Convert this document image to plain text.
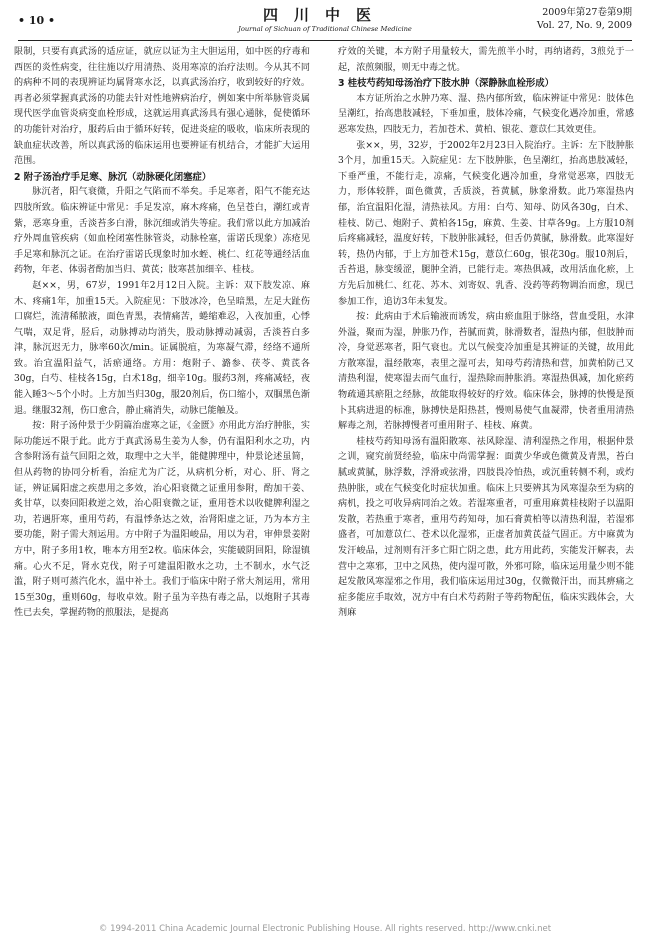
• 10 •	四川中医
Journal of Sichuan of Traditional Chinese Medicine
2009年第27卷第9期
Vol. 27, No. 9, 2009

限制，只要有真武汤的适应证，就应以证为主大胆运用，如中医的疗毒和西医的炎性病变，往往施以疗用清热、炎用寒凉的治疗法则。今从其不同的病种不同的表现辨证均属肾寒水泛，以真武汤治疗，收到较好的疗效。再者必须掌握真武汤的功能去针对性地辨病治疗，例如案中所举脉管炎属现代医学血管炎病变血栓形成，这就运用真武汤具有强心通脉，促使循环的功能针对治疗，服药后由于循环好转，促进炎症的吸收，临床所表现的缺血症状改善，所以真武汤的临床运用也要辨证有机结合，才能扩大运用范围。

2 附子汤治疗手足寒、脉沉（动脉硬化闭塞症）

脉沉者，阳气衰微，升阳之气陷而不举矣。手足寒者，阳气不能充达四肢所致。临床辨证中常见：手足发凉，麻木疼痛，色呈苍白，潮红或青紫，恶寒身重，舌淡苔多白滑，脉沉细或消失等症。我们常以此方加减治疗外周血管疾病（如血栓闭塞性脉管炎，动脉栓塞，雷诺氏现象）冻疮见手足寒和脉沉之证。在治疗雷诺氏现象时加水蛭、桃仁、红花等通经活血药物，年老、体弱者酌加当归、黄芪；肢寒甚加细辛、桂枝。

赵××，男，67岁，1991年2月12日入院。主诉：双下肢发凉、麻木、疼痛1年，加重15天。入院症见：下肢冰冷，色呈暗黑，左足大趾伤口腐烂，流清稀脓液，面色青黑，表情痛苦，蜷缩难忍，入夜加重，心悸气喘，双足背，胫后，动脉搏动均消失，股动脉搏动减弱，舌淡苔白多津，脉沉迟无力，脉率60次/min。证属脱疽，为寒凝气滞，经络不通所致。治宜温阳益气，活瘀通络。方用：炮附子、潞参、茯苓、黄芪各30g，白芍、桂枝各15g，白术18g，细辛10g。服药3剂，疼痛减轻，夜能入睡3～5个小时。上方加当归30g，服20剂后，伤口缩小，双腘黑色渐退。继服32剂，伤口愈合，静止痛消失，动脉已能触及。

按：附子汤仲景于少阴篇治虚寒之证，《金匮》亦用此方治疗肿胀，实际功能远不限于此。此方于真武汤易生姜为人参，仍有温阳利水之功，内含参附汤有益气回阳之效，取理中之大半，能健脾理中，仲景论述虽简，但从药物的协同分析看，治症尤为广泛，从病机分析，对心、肝、肾之证，辨证属阳虚之疾患用之多效，治心阳衰微之证重用参附，酌加干姜、炙甘草，以奏回阳救逆之效，治心阳衰微之证，重用苍术以收健脾利湿之功，若遇肝寒，重用芍药，有温悸条达之效，治肾阳虚之证，乃为本方主要功能，附子需大剂运用。方中附子为温阳峻品，用以为君，审伸景姜附方中，附子多用1枚，唯本方用至2枚。临床体会，实能破阴回阳，除湿镇痛。心火不足，肾水克伐，附子可建温阳散水之功，土不制水，水气泛滥，附子则可蒸汽化水，温中补土。我们于临床中附子常大剂运用，常用15至30g，重则60g，每收卓效。附子虽为辛热有毒之品，以炮附子其毒性已去矣，掌握药物的煎服法，是提高

疗效的关键，本方附子用量较大，需先煎半小时，再纳诸药，3煎兑于一起，浓煎频服，则无中毒之忧。

3 桂枝芍药知母汤治疗下肢水肿（深静脉血栓形成）

本方证所治之水肿乃寒、湿、热内郁所致，临床辨证中常见：肢体色呈潮红，抬高患肢减轻，下垂加重，肢体冷痛，气候变化遇冷加重，常感恶寒发热，四肢无力，若加苍术、黄柏、银花、薏苡仁其效更佳。

张××，男，32岁，于2002年2月23日入院治疗。主诉：左下肢肿胀3个月，加重15天。入院症见：左下肢肿胀，色呈潮红，抬高患肢减轻，下垂严重，不能行走，凉痛，气候变化遇冷加重，身常觉恶寒，四肢无力，形体较胖，面色微黄，舌质淡，苔黄腻，脉象滑数。此乃寒湿热内郁，治宜温阳化湿，清热祛风。方用：白芍、知母、防风各30g，白术、桂枝、防己、炮附子、黄柏各15g，麻黄、生姜、甘草各9g。上方服10剂后疼痛减轻，温度好转，下肢肿胀减轻，但舌仍黄腻，脉滑数。此寒湿好转，热仍内郁，于上方加苍术15g，薏苡仁60g，银花30g。服10剂后，舌苔退，脉变缓涩，腿肿全消，已能行走。寒热俱减，改用活血化瘀，上方先后加桃仁、红花、苏木、刘寄奴、乳香、没药等药物调治而愈，现已参加工作，追访3年未复发。

按：此病由于术后输液而诱发，病由瘀血阻于脉络，营血受阻，水津外溢，聚而为湿，肿胀乃作，苔腻而黄，脉滑数者，湿热内郁，但肢肿而冷，身觉恶寒者，阳气衰也。尤以气候变冷加重是其辨证的关键，故用此方散寒湿，温经散寒，表里之湿可去，知母芍药清热和营，加黄柏防己又清热利湿，使寒湿去而气血行，湿热除而肿胀消。寒湿热俱减，加化瘀药物疏通其瘀阻之经脉，故能取得较好的疗效。临床体会，脉搏的快慢是预卜其病进退的标准，脉搏快是阳热甚，慢则易使气血凝滞，快者重用清热解毒之剂，若脉搏慢者可重用附子、桂枝、麻黄。

桂枝芍药知母汤有温阳散寒、祛风除湿、清利湿热之作用，根据仲景之训，窥究前贤经验，临床中尚需掌握：面黄少华或色微黄及青黑，苔白腻或黄腻，脉浮数，浮滑或弦滑，四肢畏冷怕热，或沉重转侧不利，或灼热肿胀，或在气候变化时症状加重。临床上只要辨其为风寒湿杂至为病的病机，投之可收异病同治之效。若湿寒重者，可重用麻黄桂枝附子以温阳发散，若热重于寒者，重用芍药知母，加石膏黄柏等以清热利湿，若湿邪盛者，可加薏苡仁、苍术以化湿邪，正虚者加黄芪益气固正。方中麻黄为发汗峻品，过剂则有汗多亡阳亡阴之患，此方用此药，实能发汗解表，去营中之寒邪，卫中之风热，使内湿可散，外邪可除，临床运用量少则不能起发散风寒湿邪之作用，我们临床运用过30g，仅微微汗出，而其痹痛之症多能应手取效，况方中有白术芍药附子等药物配伍，临床实践体会，大剂麻

© 1994-2011 China Academic Journal Electronic Publishing House. All rights reserved. http://www.cnki.net
